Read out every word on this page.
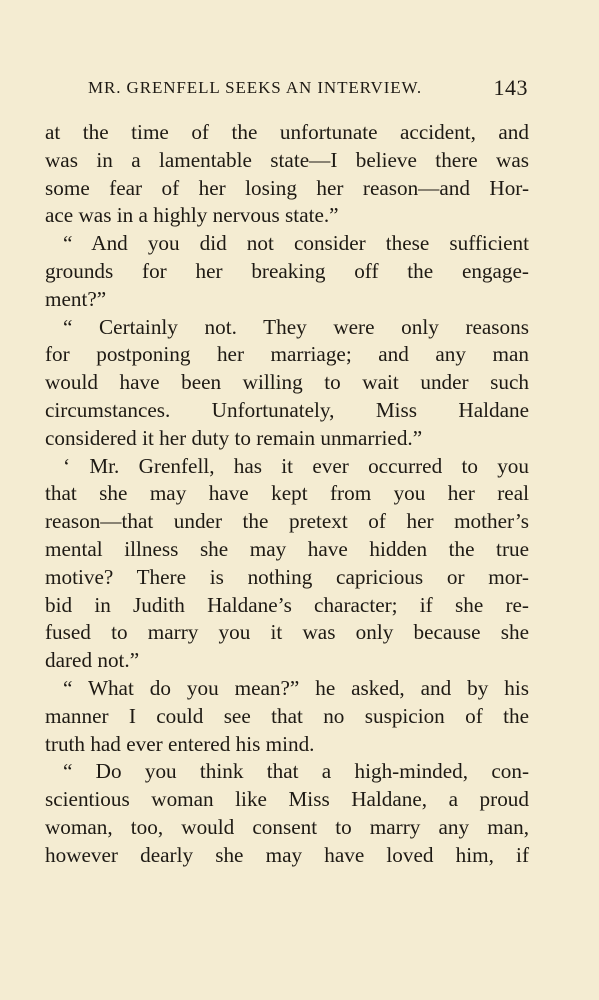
MR. GRENFELL SEEKS AN INTERVIEW.	143
at the time of the unfortunate accident, and
was in a lamentable state—I believe there was
some fear of her losing her reason—and Hor-
ace was in a highly nervous state.”
“ And you did not consider these sufficient
grounds for her breaking off the engage-
ment?”
“ Certainly not. They were only reasons
for postponing her marriage; and any man
would have been willing to wait under such
circumstances. Unfortunately, Miss Haldane
considered it her duty to remain unmarried.”
‘ Mr. Grenfell, has it ever occurred to you
that she may have kept from you her real
reason—that under the pretext of her mother’s
mental illness she may have hidden the true
motive? There is nothing capricious or mor-
bid in Judith Haldane’s character; if she re-
fused to marry you it was only because she
dared not.”
“ What do you mean?” he asked, and by his
manner I could see that no suspicion of the
truth had ever entered his mind.
“ Do you think that a high-minded, con-
scientious woman like Miss Haldane, a proud
woman, too, would consent to marry any man,
however dearly she may have loved him, if
